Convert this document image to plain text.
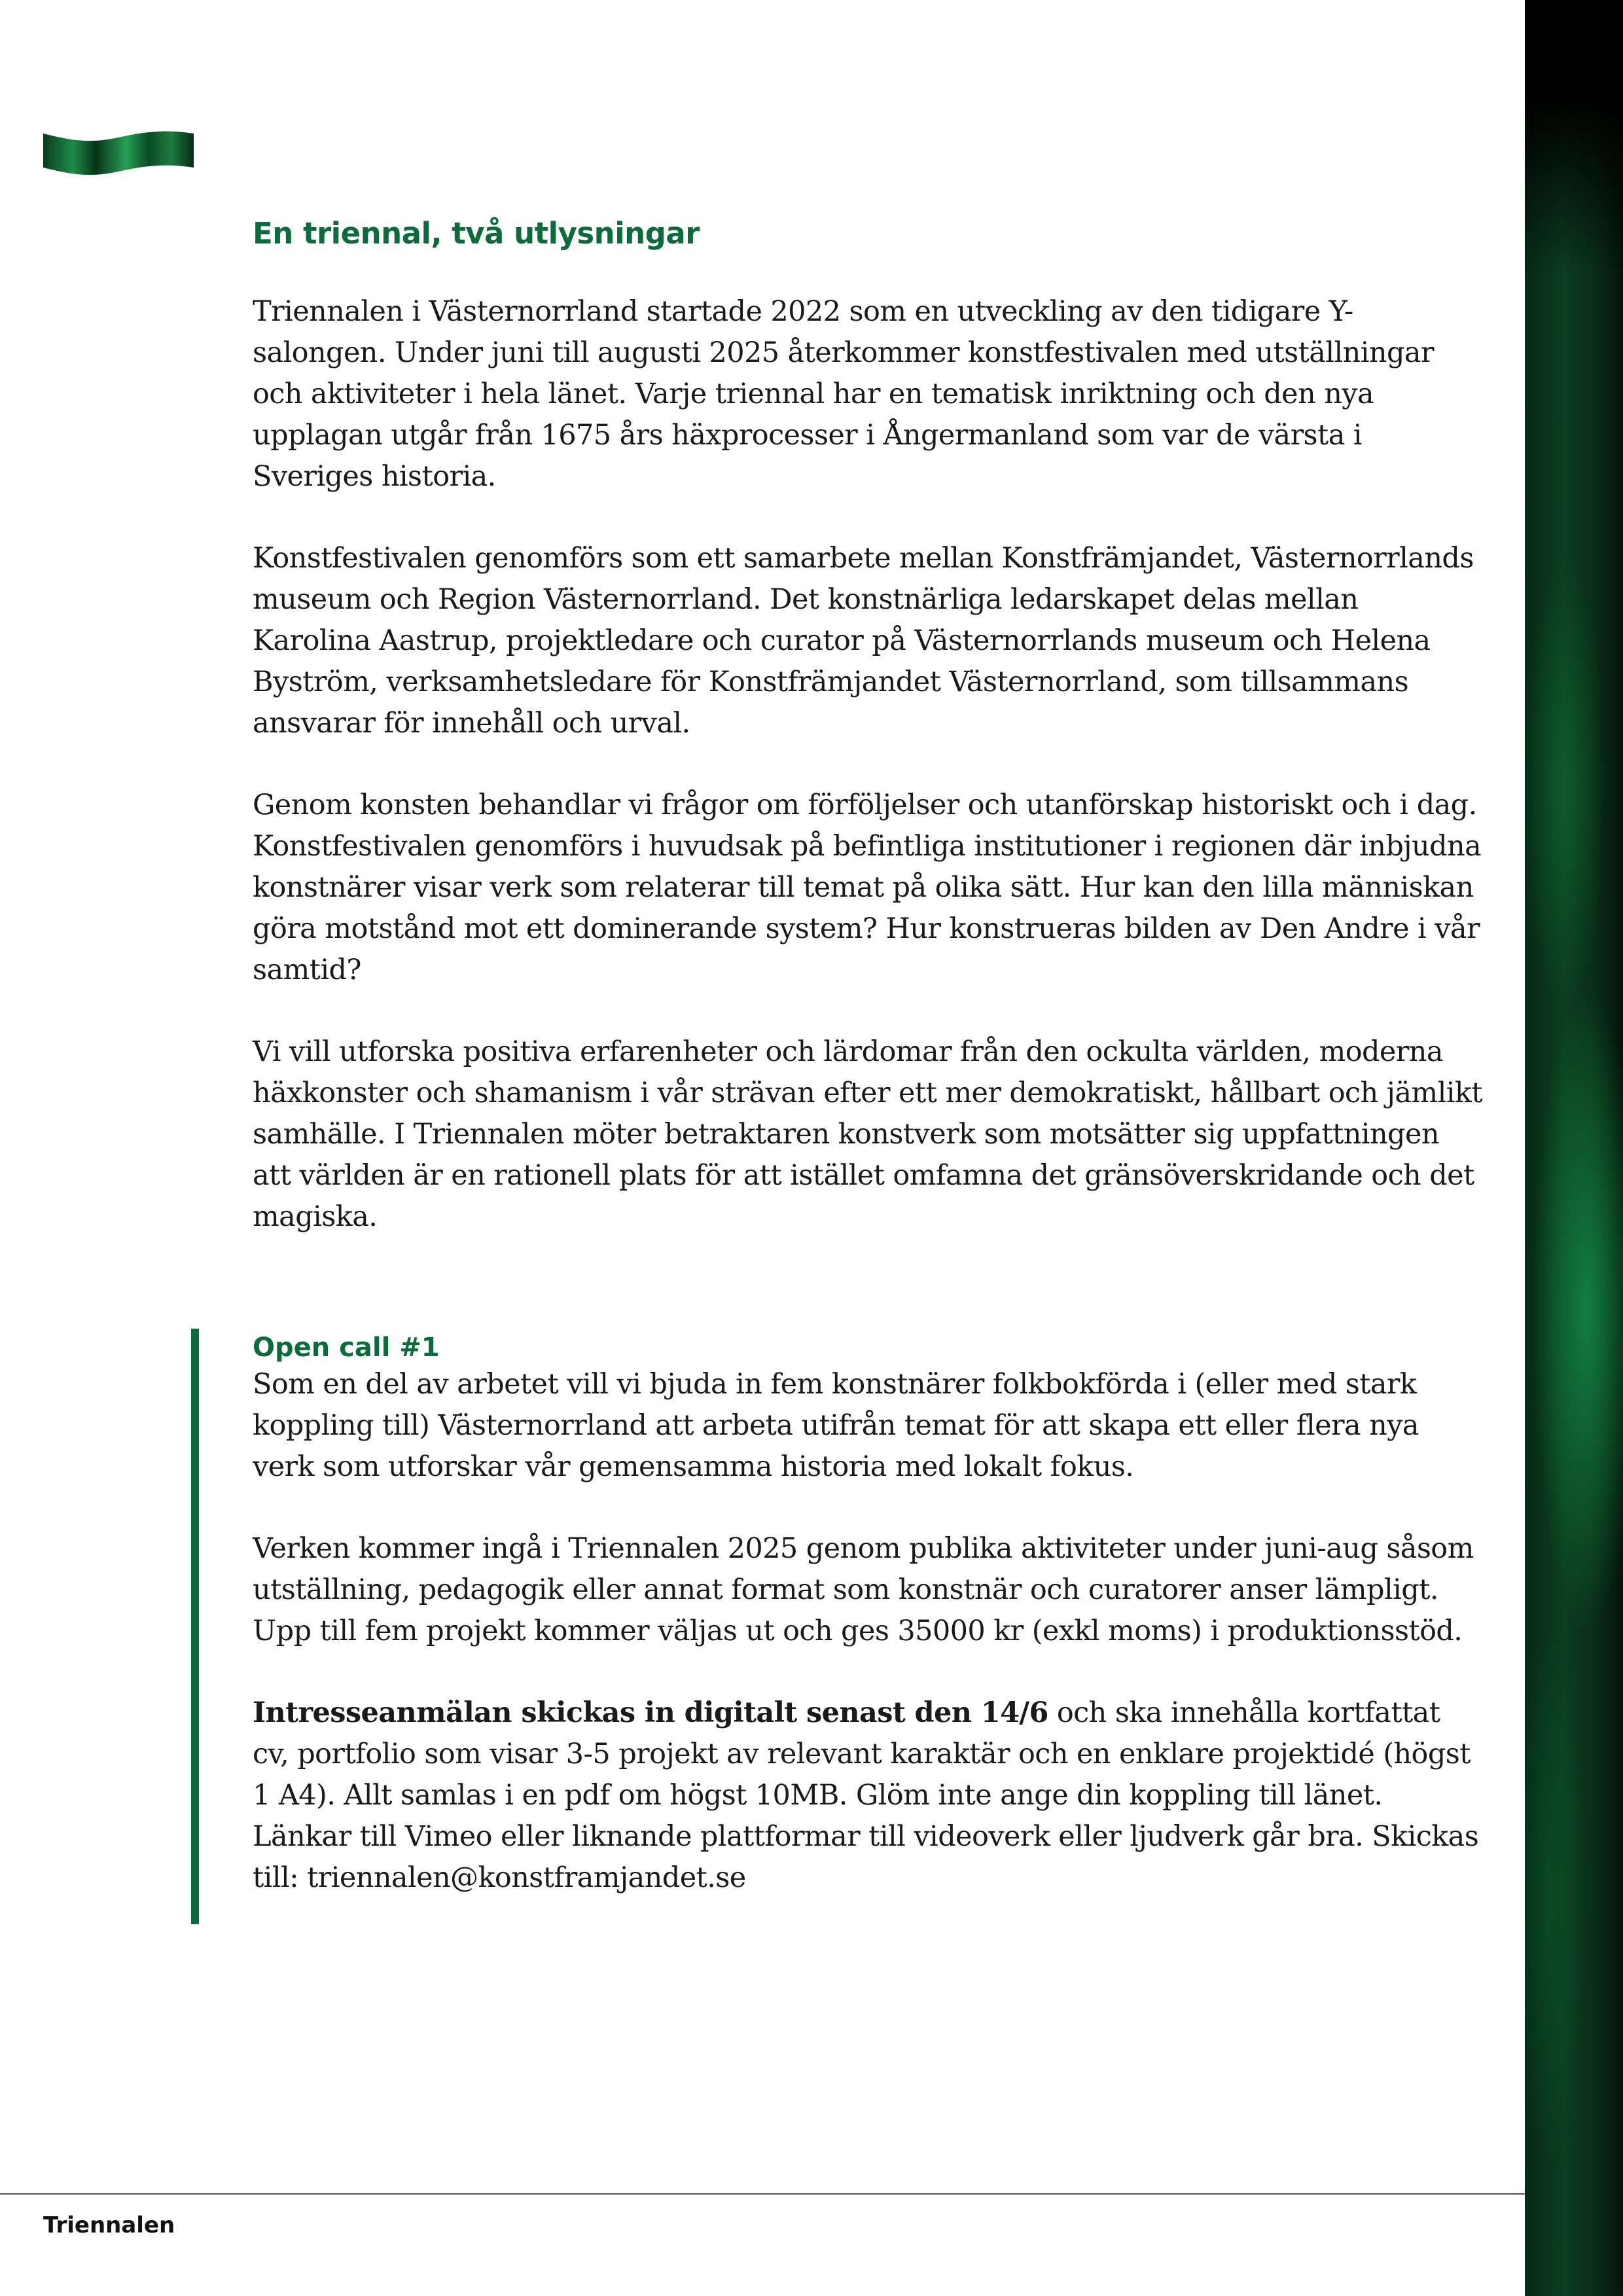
En triennal, två utlysningar

Triennalen i Västernorrland startade 2022 som en utveckling av den tidigare Y-salongen. Under juni till augusti 2025 återkommer konstfestivalen med utställningar och aktiviteter i hela länet. Varje triennal har en tematisk inriktning och den nya upplagan utgår från 1675 års häxprocesser i Ångermanland som var de värsta i Sveriges historia.

Konstfestivalen genomförs som ett samarbete mellan Konstfrämjandet, Västernorrlands museum och Region Västernorrland. Det konstnärliga ledarskapet delas mellan Karolina Aastrup, projektledare och curator på Västernorrlands museum och Helena Byström, verksamhetsledare för Konstfrämjandet Västernorrland, som tillsammans ansvarar för innehåll och urval.

Genom konsten behandlar vi frågor om förföljelser och utanförskap historiskt och i dag. Konstfestivalen genomförs i huvudsak på befintliga institutioner i regionen där inbjudna konstnärer visar verk som relaterar till temat på olika sätt. Hur kan den lilla människan göra motstånd mot ett dominerande system? Hur konstrueras bilden av Den Andre i vår samtid?

Vi vill utforska positiva erfarenheter och lärdomar från den ockulta världen, moderna häxkonster och shamanism i vår strävan efter ett mer demokratiskt, hållbart och jämlikt samhälle. I Triennalen möter betraktaren konstverk som motsätter sig uppfattningen att världen är en rationell plats för att istället omfamna det gränsöverskridande och det magiska.

Open call #1

Som en del av arbetet vill vi bjuda in fem konstnärer folkbokförda i (eller med stark koppling till) Västernorrland att arbeta utifrån temat för att skapa ett eller flera nya verk som utforskar vår gemensamma historia med lokalt fokus.

Verken kommer ingå i Triennalen 2025 genom publika aktiviteter under juni-aug såsom utställning, pedagogik eller annat format som konstnär och curatorer anser lämpligt. Upp till fem projekt kommer väljas ut och ges 35000 kr (exkl moms) i produktionsstöd.

Intresseanmälan skickas in digitalt senast den 14/6 och ska innehålla kortfattat cv, portfolio som visar 3-5 projekt av relevant karaktär och en enklare projektidé (högst 1 A4). Allt samlas i en pdf om högst 10MB. Glöm inte ange din koppling till länet. Länkar till Vimeo eller liknande plattformar till videoverk eller ljudverk går bra. Skickas till: triennalen@konstframjandet.se

Triennalen
